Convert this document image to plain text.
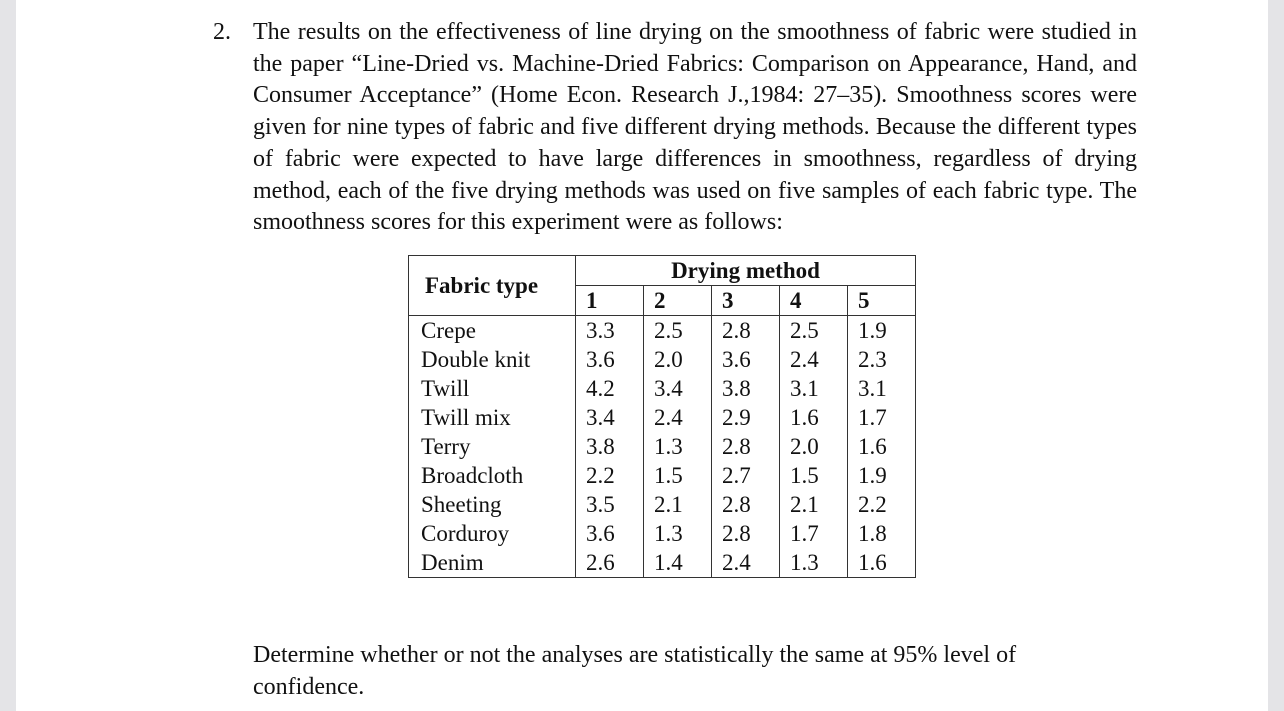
2. The results on the effectiveness of line drying on the smoothness of fabric were studied in the paper “Line-Dried vs. Machine-Dried Fabrics: Comparison on Appearance, Hand, and Consumer Acceptance” (Home Econ. Research J.,1984: 27–35). Smoothness scores were given for nine types of fabric and five different drying methods. Because the different types of fabric were expected to have large differences in smoothness, regardless of drying method, each of the five drying methods was used on five samples of each fabric type. The smoothness scores for this experiment were as follows:

Fabric type	Drying method				
	1	2	3	4	5
Crepe	3.3	2.5	2.8	2.5	1.9
Double knit	3.6	2.0	3.6	2.4	2.3
Twill	4.2	3.4	3.8	3.1	3.1
Twill mix	3.4	2.4	2.9	1.6	1.7
Terry	3.8	1.3	2.8	2.0	1.6
Broadcloth	2.2	1.5	2.7	1.5	1.9
Sheeting	3.5	2.1	2.8	2.1	2.2
Corduroy	3.6	1.3	2.8	1.7	1.8
Denim	2.6	1.4	2.4	1.3	1.6

Determine whether or not the analyses are statistically the same at 95% level of confidence.
